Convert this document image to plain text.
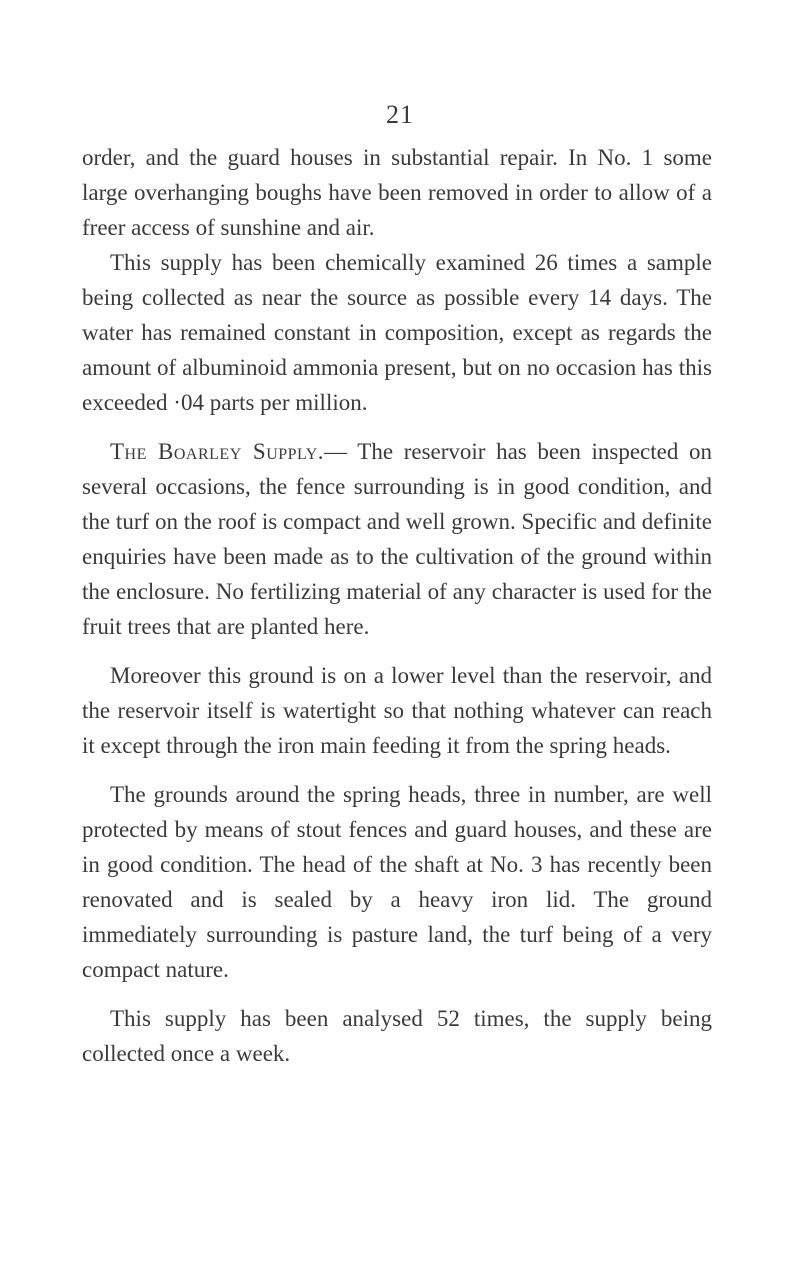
21

order, and the guard houses in substantial repair. In No. 1 some large overhanging boughs have been removed in order to allow of a freer access of sunshine and air.

This supply has been chemically examined 26 times a sample being collected as near the source as possible every 14 days. The water has remained constant in composition, except as regards the amount of albuminoid ammonia present, but on no occasion has this exceeded ·04 parts per million.

The Boarley Supply.— The reservoir has been inspected on several occasions, the fence surrounding is in good condition, and the turf on the roof is compact and well grown. Specific and definite enquiries have been made as to the cultivation of the ground within the enclosure. No fertilizing material of any character is used for the fruit trees that are planted here.

Moreover this ground is on a lower level than the reservoir, and the reservoir itself is watertight so that nothing whatever can reach it except through the iron main feeding it from the spring heads.

The grounds around the spring heads, three in number, are well protected by means of stout fences and guard houses, and these are in good condition. The head of the shaft at No. 3 has recently been renovated and is sealed by a heavy iron lid. The ground immediately surrounding is pasture land, the turf being of a very compact nature.

This supply has been analysed 52 times, the supply being collected once a week.
